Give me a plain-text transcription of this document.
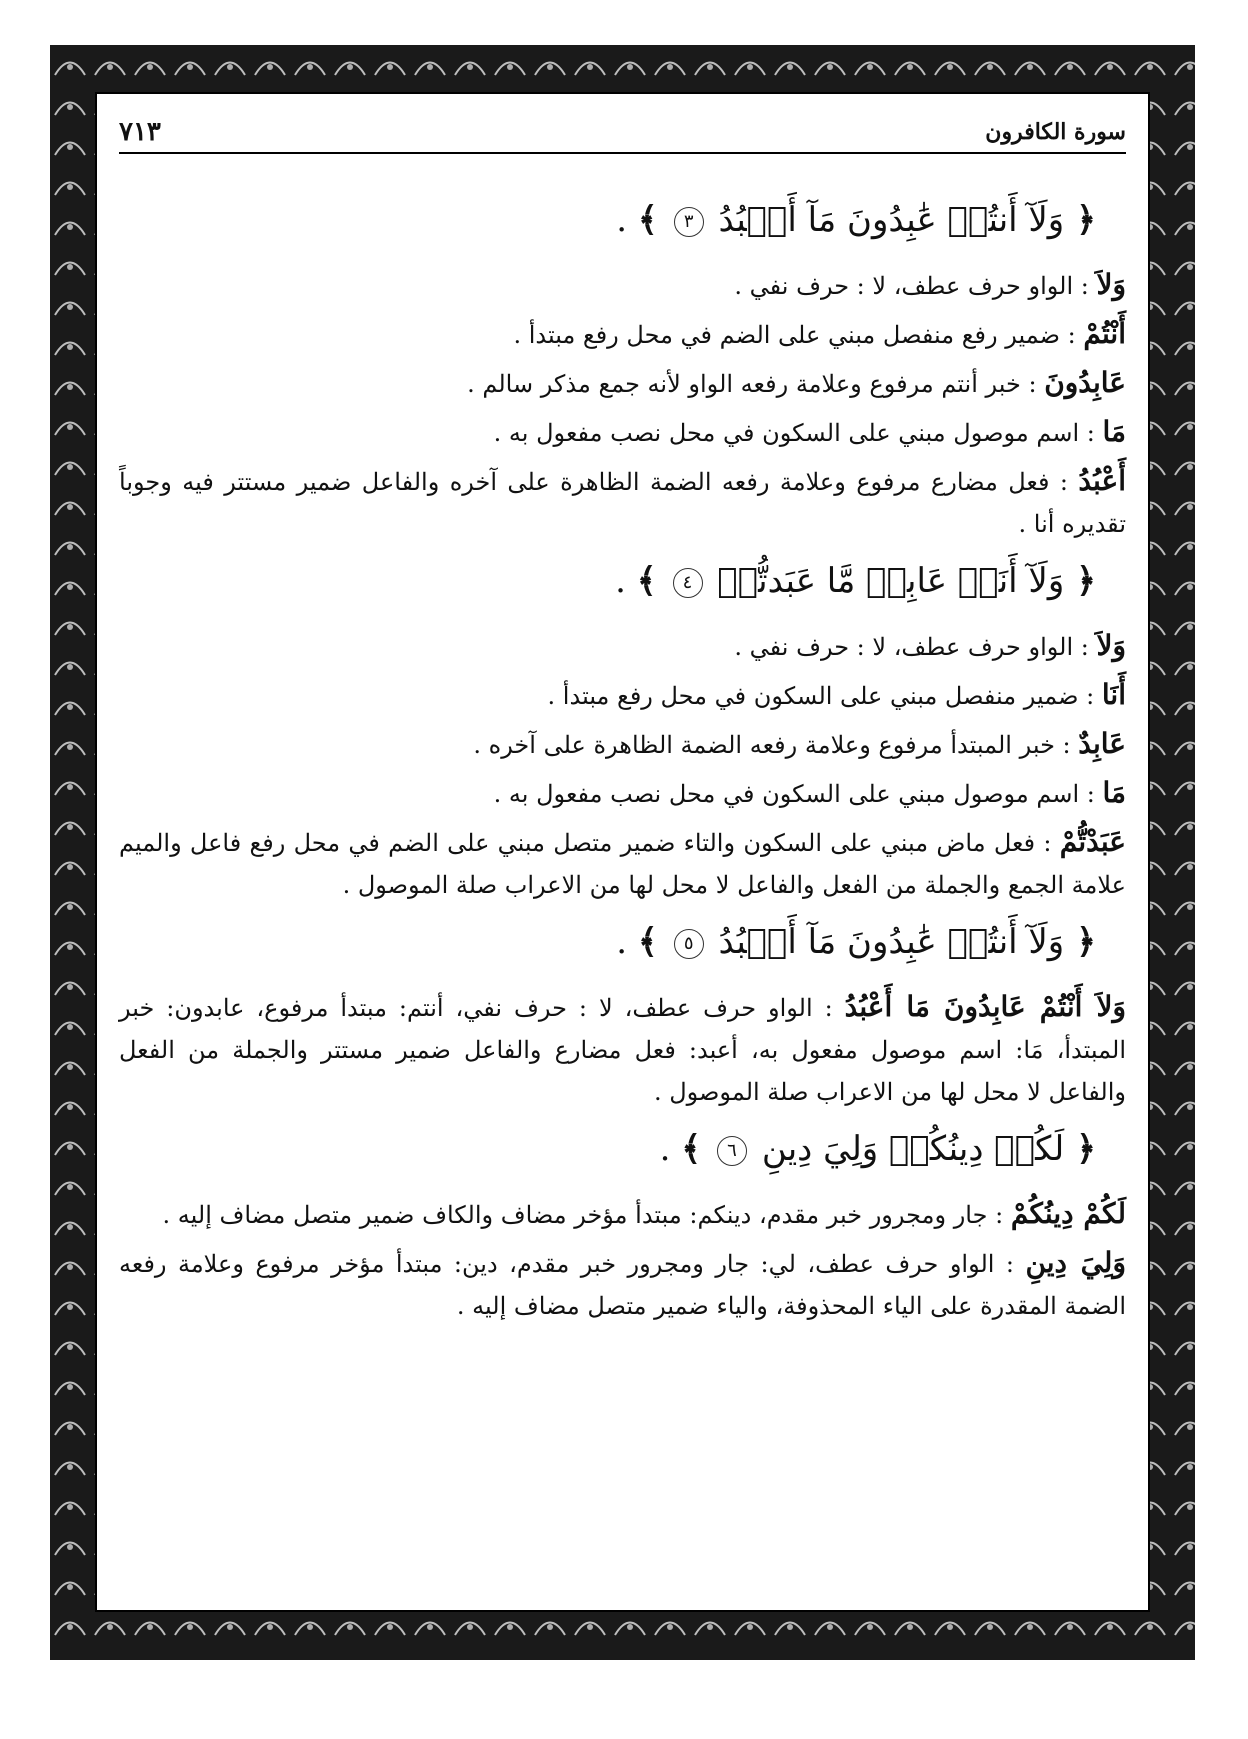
٧١٣	سورة الكافرون
﴿ وَلَآ أَنتُمۡ عَٰبِدُونَ مَآ أَعۡبُدُ ٣ ﴾ .
وَلاَ : الواو حرف عطف، لا : حرف نفي .
أَنْتُمْ : ضمير رفع منفصل مبني على الضم في محل رفع مبتدأ .
عَابِدُونَ : خبر أنتم مرفوع وعلامة رفعه الواو لأنه جمع مذكر سالم .
مَا : اسم موصول مبني على السكون في محل نصب مفعول به .
أَعْبُدُ : فعل مضارع مرفوع وعلامة رفعه الضمة الظاهرة على آخره والفاعل ضمير مستتر فيه وجوباً تقديره أنا .
﴿ وَلَآ أَنَا۠ عَابِدٞ مَّا عَبَدتُّمۡ ٤ ﴾ .
وَلاَ : الواو حرف عطف، لا : حرف نفي .
أَنَا : ضمير منفصل مبني على السكون في محل رفع مبتدأ .
عَابِدٌ : خبر المبتدأ مرفوع وعلامة رفعه الضمة الظاهرة على آخره .
مَا : اسم موصول مبني على السكون في محل نصب مفعول به .
عَبَدْتُّمْ : فعل ماض مبني على السكون والتاء ضمير متصل مبني على الضم في محل رفع فاعل والميم علامة الجمع والجملة من الفعل والفاعل لا محل لها من الاعراب صلة الموصول .
﴿ وَلَآ أَنتُمۡ عَٰبِدُونَ مَآ أَعۡبُدُ ٥ ﴾ .
وَلاَ أَنْتُمْ عَابِدُونَ مَا أَعْبُدُ : الواو حرف عطف، لا : حرف نفي، أنتم: مبتدأ مرفوع، عابدون: خبر المبتدأ، مَا: اسم موصول مفعول به، أعبد: فعل مضارع والفاعل ضمير مستتر والجملة من الفعل والفاعل لا محل لها من الاعراب صلة الموصول .
﴿ لَكُمۡ دِينُكُمۡ وَلِيَ دِينِ ٦ ﴾ .
لَكُمْ دِينُكُمْ : جار ومجرور خبر مقدم، دينكم: مبتدأ مؤخر مضاف والكاف ضمير متصل مضاف إليه .
وَلِيَ دِينِ : الواو حرف عطف، لي: جار ومجرور خبر مقدم، دين: مبتدأ مؤخر مرفوع وعلامة رفعه الضمة المقدرة على الياء المحذوفة، والياء ضمير متصل مضاف إليه .
